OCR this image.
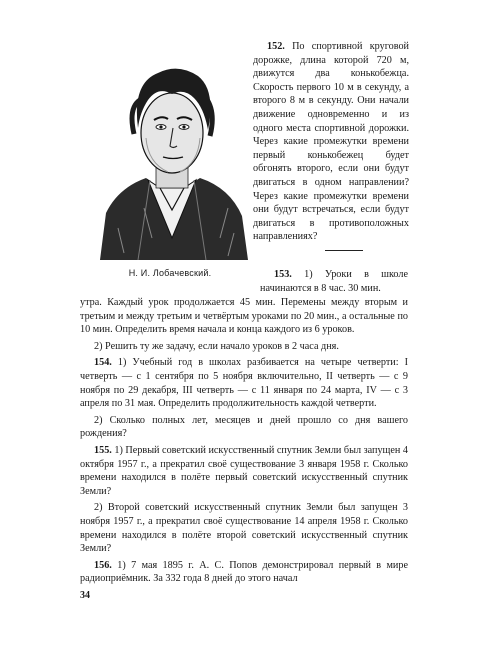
Н. И. Лобачевский.

152. По спортивной круговой дорожке, длина которой 720 м, движутся два конькобежца. Скорость первого 10 м в секунду, а второго 8 м в секунду. Они начали движение одновременно и из одного места спортивной дорожки. Через какие промежутки времени первый конькобежец будет обгонять второго, если они будут двигаться в одном направлении? Через какие промежутки времени они будут встречаться, если будут двигаться в противоположных направлениях?

153. 1) Уроки в школе начинаются в 8 час. 30 мин.

утра. Каждый урок продолжается 45 мин. Перемены между вторым и третьим и между третьим и четвёртым уроками по 20 мин., а остальные по 10 мин. Определить время начала и конца каждого из 6 уроков.

2) Решить ту же задачу, если начало уроков в 2 часа дня.

154. 1) Учебный год в школах разбивается на четыре четверти: I четверть — с 1 сентября по 5 ноября включительно, II четверть — с 9 ноября по 29 декабря, III четверть — с 11 января по 24 марта, IV — с 3 апреля по 31 мая. Определить продолжительность каждой четверти.

2) Сколько полных лет, месяцев и дней прошло со дня вашего рождения?

155. 1) Первый советский искусственный спутник Земли был запущен 4 октября 1957 г., а прекратил своё существование 3 января 1958 г. Сколько времени находился в полёте первый советский искусственный спутник Земли?

2) Второй советский искусственный спутник Земли был запущен 3 ноября 1957 г., а прекратил своё существование 14 апреля 1958 г. Сколько времени находился в полёте второй советский искусственный спутник Земли?

156. 1) 7 мая 1895 г. А. С. Попов демонстрировал первый в мире радиоприёмник. За 332 года 8 дней до этого начал

34
